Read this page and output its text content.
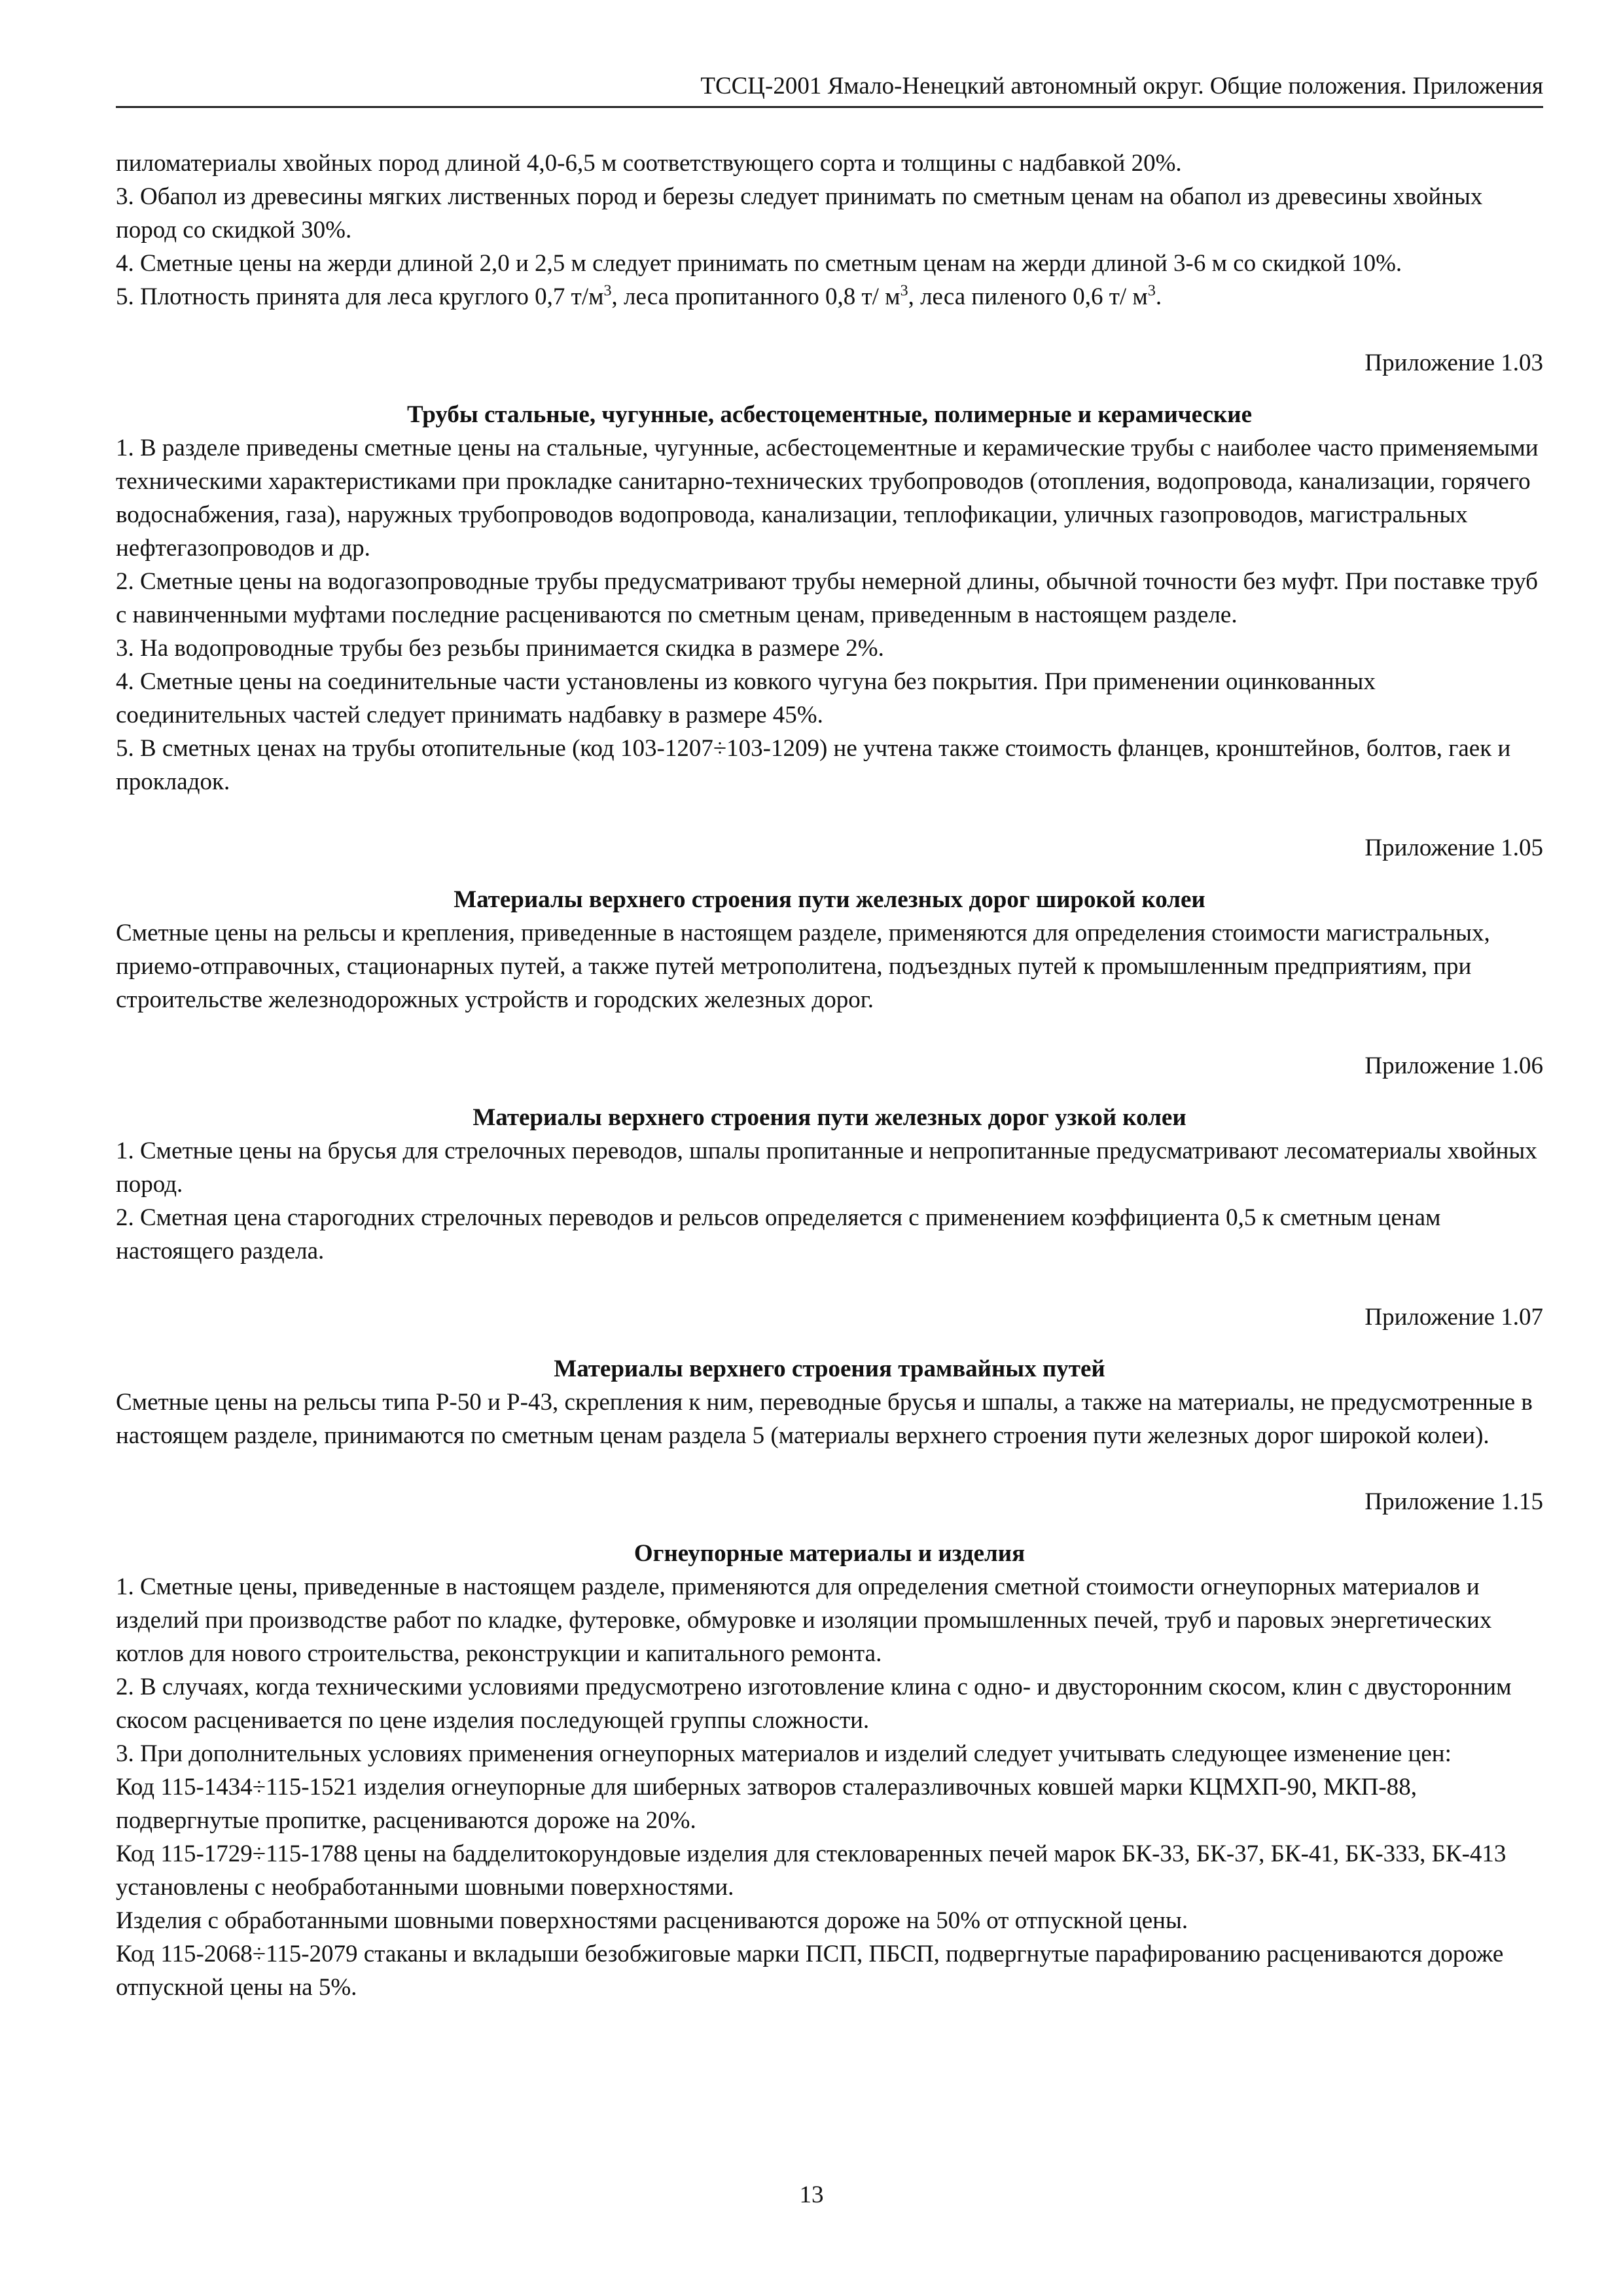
ТССЦ-2001 Ямало-Ненецкий автономный округ. Общие положения. Приложения

пиломатериалы хвойных пород длиной 4,0-6,5 м соответствующего сорта и толщины с надбавкой 20%.

3. Обапол из древесины мягких лиственных пород и березы следует принимать по сметным ценам на обапол из древесины хвойных пород со скидкой 30%.

4. Сметные цены на жерди длиной 2,0 и 2,5 м следует принимать по сметным ценам на жерди длиной 3-6 м со скидкой 10%.

5. Плотность принята для леса круглого 0,7 $т/м^3$, леса пропитанного 0,8 т/ $м^3$, леса пиленого 0,6 т/ $м^3$.

Приложение 1.03

Трубы стальные, чугунные, асбестоцементные, полимерные и керамические

1. В разделе приведены сметные цены на стальные, чугунные, асбестоцементные и керамические трубы с наиболее часто применяемыми техническими характеристиками при прокладке санитарно-технических трубопроводов (отопления, водопровода, канализации, горячего водоснабжения, газа), наружных трубопроводов водопровода, канализации, теплофикации, уличных газопроводов, магистральных нефтегазопроводов и др.

2. Сметные цены на водогазопроводные трубы предусматривают трубы немерной длины, обычной точности без муфт. При поставке труб с навинченными муфтами последние расцениваются по сметным ценам, приведенным в настоящем разделе.

3. На водопроводные трубы без резьбы принимается скидка в размере 2%.

4. Сметные цены на соединительные части установлены из ковкого чугуна без покрытия. При применении оцинкованных соединительных частей следует принимать надбавку в размере 45%.

5. В сметных ценах на трубы отопительные (код 103-1207÷103-1209) не учтена также стоимость фланцев, кронштейнов, болтов, гаек и прокладок.

Приложение 1.05

Материалы верхнего строения пути железных дорог широкой колеи

Сметные цены на рельсы и крепления, приведенные в настоящем разделе, применяются для определения стоимости магистральных, приемо-отправочных, стационарных путей, а также путей метрополитена, подъездных путей к промышленным предприятиям, при строительстве железнодорожных устройств и городских железных дорог.

Приложение 1.06

Материалы верхнего строения пути железных дорог узкой колеи

1. Сметные цены на брусья для стрелочных переводов, шпалы пропитанные и непропитанные предусматривают лесоматериалы хвойных пород.

2. Сметная цена старогодних стрелочных переводов и рельсов определяется с применением коэффициента 0,5 к сметным ценам настоящего раздела.

Приложение 1.07

Материалы верхнего строения трамвайных путей

Сметные цены на рельсы типа Р-50 и Р-43, скрепления к ним, переводные брусья и шпалы, а также на материалы, не предусмотренные в настоящем разделе, принимаются по сметным ценам раздела 5 (материалы верхнего строения пути железных дорог широкой колеи).

Приложение 1.15

Огнеупорные материалы и изделия

1. Сметные цены, приведенные в настоящем разделе, применяются для определения сметной стоимости огнеупорных материалов и изделий при производстве работ по кладке, футеровке, обмуровке и изоляции промышленных печей, труб и паровых энергетических котлов для нового строительства, реконструкции и капитального ремонта.

2. В случаях, когда техническими условиями предусмотрено изготовление клина с одно- и двусторонним скосом, клин с двусторонним скосом расценивается по цене изделия последующей группы сложности.

3. При дополнительных условиях применения огнеупорных материалов и изделий следует учитывать следующее изменение цен:

Код 115-1434÷115-1521 изделия огнеупорные для шиберных затворов сталеразливочных ковшей марки КЦМХП-90, МКП-88, подвергнутые пропитке, расцениваются дороже на 20%.

Код 115-1729÷115-1788 цены на бадделитокорундовые изделия для стекловаренных печей марок БК-33, БК-37, БК-41, БК-333, БК-413 установлены с необработанными шовными поверхностями.

Изделия с обработанными шовными поверхностями расцениваются дороже на 50% от отпускной цены.

Код 115-2068÷115-2079 стаканы и вкладыши безобжиговые марки ПСП, ПБСП, подвергнутые парафированию расцениваются дороже отпускной цены на 5%.

13
